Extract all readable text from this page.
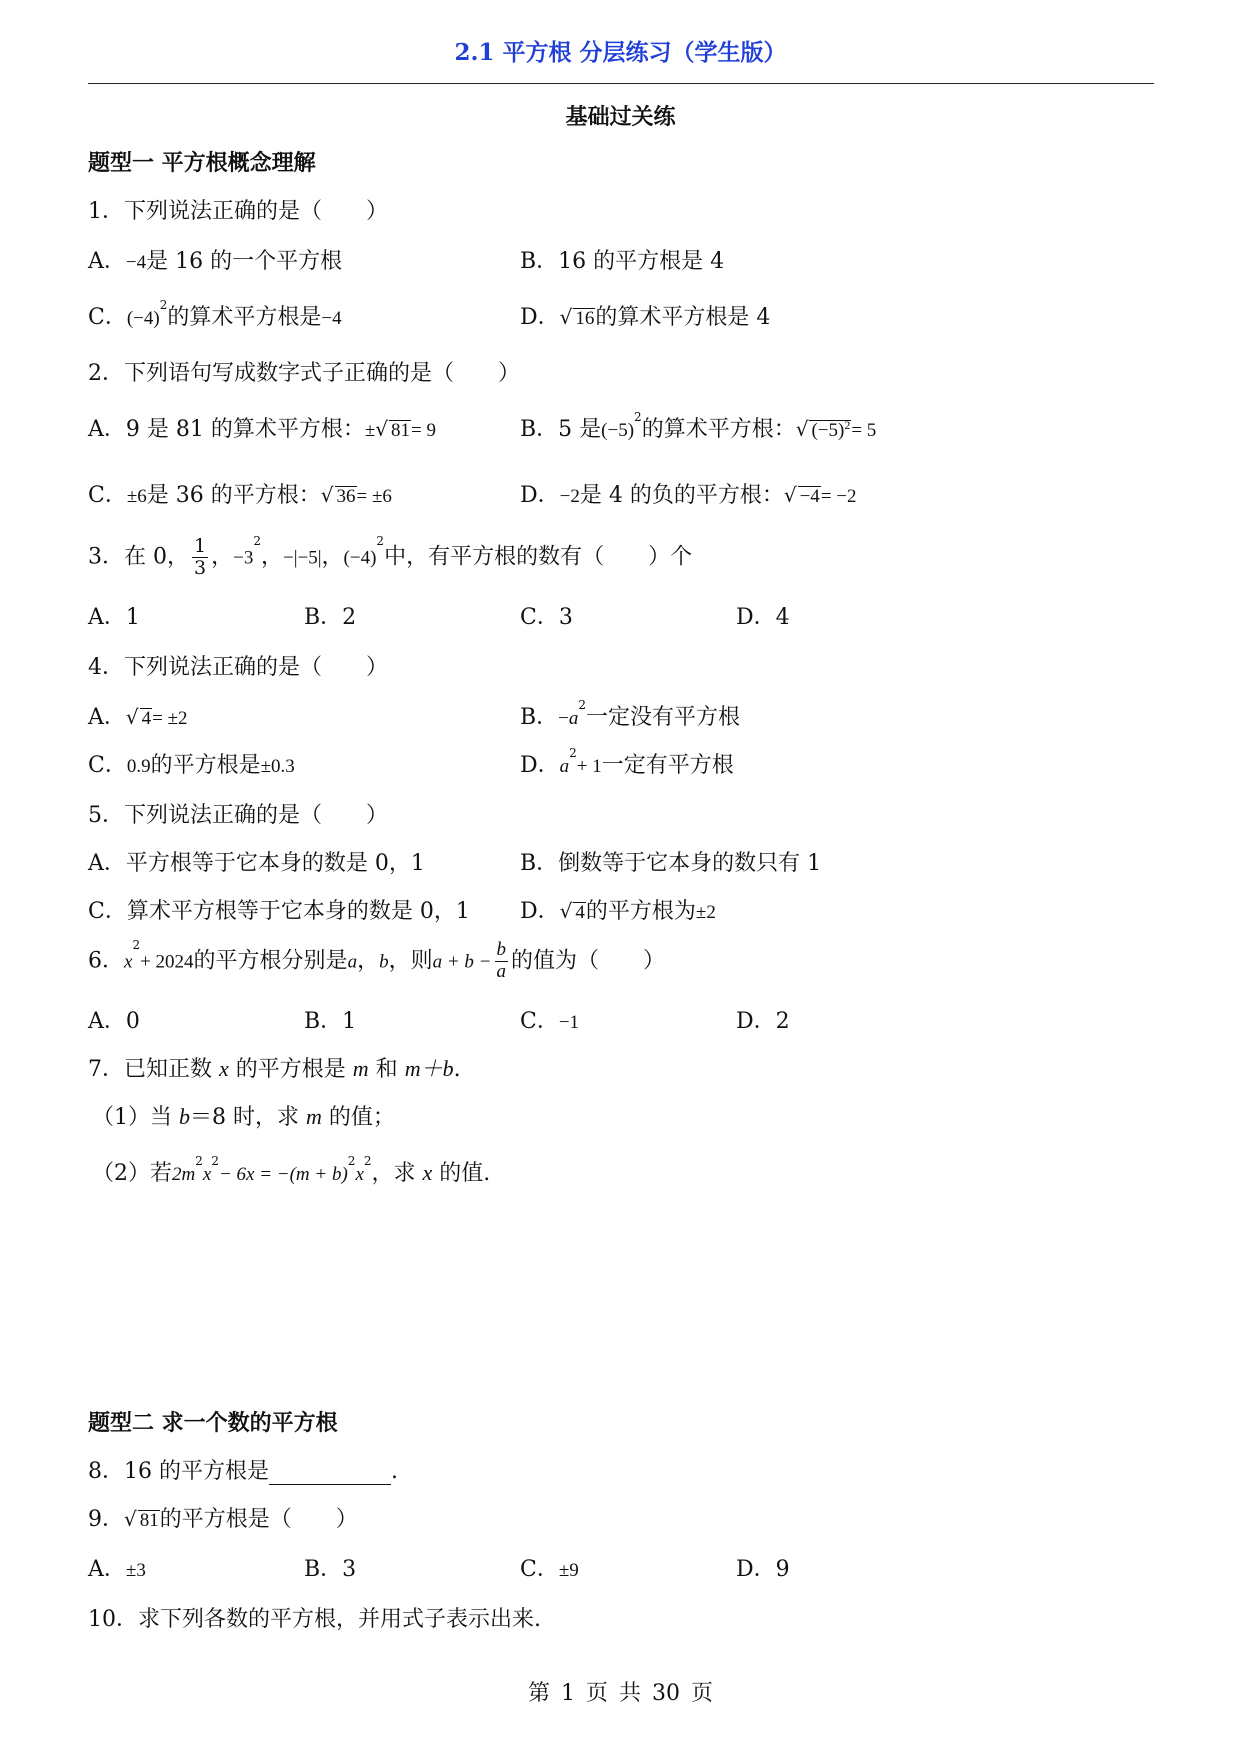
2.1 平方根 分层练习（学生版）
基础过关练
题型一 平方根概念理解
1．下列说法正确的是（　　）
A．−4是 16 的一个平方根	B．16 的平方根是 4
C．$(-4)^2$的算术平方根是−4	D．√ 16的算术平方根是 4
2．下列语句写成数字式子正确的是（　　）
A．9 是 81 的算术平方根：±√ 81= 9	B．5 是$(-5)^2$的算术平方根：√ $(-5)^2= 5$
C．±6是 36 的平方根：√ 36= ±6	D．−2是 4 的负的平方根：√ −4= −2
3．在 0， $\frac{1}{3}$ ，$-3^2$，−|−5|，$(-4)^2$中，有平方根的数有（　　）个
A．1	B．2	C．3	D．4
4．下列说法正确的是（　　）
A．√ 4= ±2	B．$-a^2$一定没有平方根
C．0.9的平方根是±0.3	D．$a^2+ 1$一定有平方根
5．下列说法正确的是（　　）
A．平方根等于它本身的数是 0，1	B．倒数等于它本身的数只有 1
C．算术平方根等于它本身的数是 0，1 D．√ 4的平方根为±2
6．$x^2+ 2024$的平方根分别是a，b，则$a + b - \frac{b}{a}$ 的值为（　　）
A．0	B．1	C．−1	D．2
7．已知正数 x 的平方根是 m 和 m＋b.
（1）当 b＝8 时，求 m 的值；
（2）若$2m^2x^2- 6x = -(m + b)^2x^2$，求 x 的值.
题型二 求一个数的平方根
8．16 的平方根是	.
9．√ 81的平方根是（　　）
A．±3	B．3	C．±9	D．9
10．求下列各数的平方根，并用式子表示出来.
第 1 页 共 30 页
